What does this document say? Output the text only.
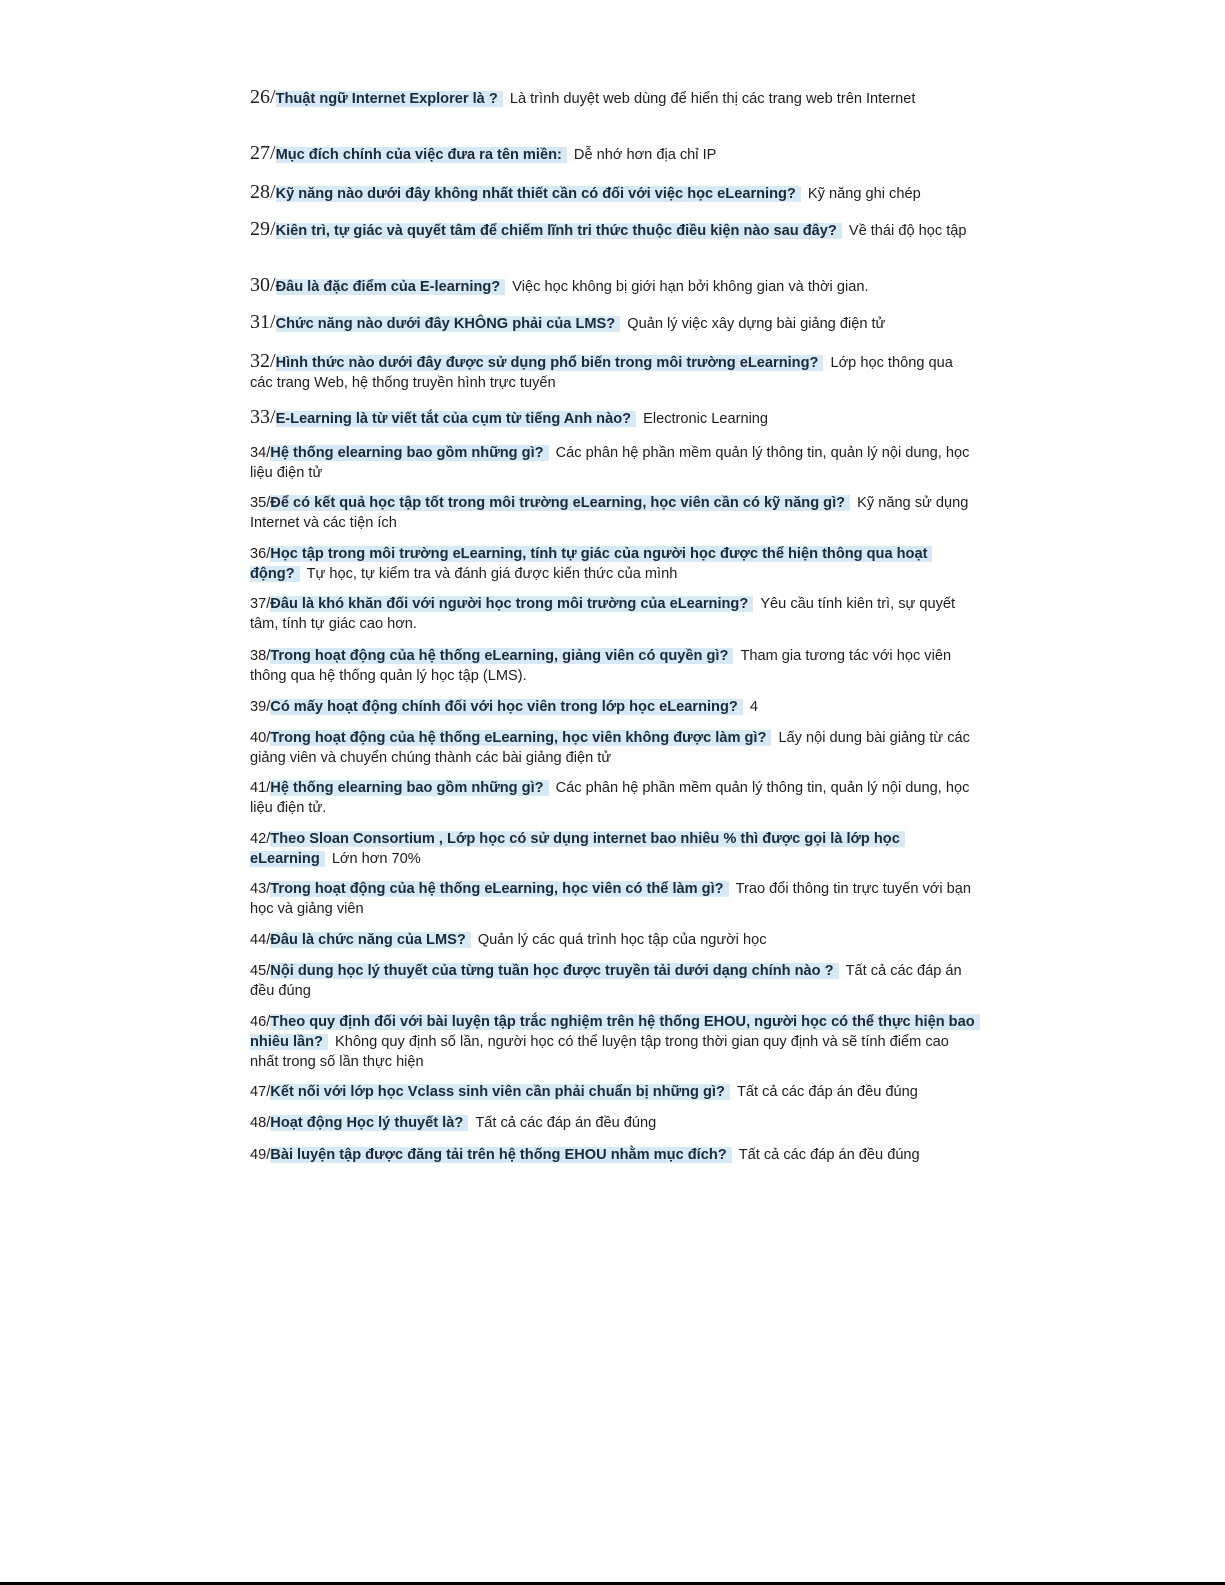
26/Thuật ngữ Internet Explorer là ? Là trình duyệt web dùng để hiển thị các trang web trên Internet

27/Mục đích chính của việc đưa ra tên miền: Dễ nhớ hơn địa chỉ IP

28/Kỹ năng nào dưới đây không nhất thiết cần có đối với việc học eLearning? Kỹ năng ghi chép

29/Kiên trì, tự giác và quyết tâm để chiếm lĩnh tri thức thuộc điều kiện nào sau đây? Về thái độ học tập

30/Đâu là đặc điểm của E-learning? Việc học không bị giới hạn bởi không gian và thời gian.

31/Chức năng nào dưới đây KHÔNG phải của LMS? Quản lý việc xây dựng bài giảng điện tử

32/Hình thức nào dưới đây được sử dụng phổ biến trong môi trường eLearning? Lớp học thông qua các trang Web, hệ thống truyền hình trực tuyến

33/E-Learning là từ viết tắt của cụm từ tiếng Anh nào? Electronic Learning

34/Hệ thống elearning bao gồm những gì? Các phân hệ phần mềm quản lý thông tin, quản lý nội dung, học liệu điện tử

35/Để có kết quả học tập tốt trong môi trường eLearning, học viên cần có kỹ năng gì? Kỹ năng sử dụng Internet và các tiện ích

36/Học tập trong môi trường eLearning, tính tự giác của người học được thể hiện thông qua hoạt động? Tự học, tự kiểm tra và đánh giá được kiến thức của mình

37/Đâu là khó khăn đối với người học trong môi trường của eLearning? Yêu cầu tính kiên trì, sự quyết tâm, tính tự giác cao hơn.

38/Trong hoạt động của hệ thống eLearning, giảng viên có quyền gì? Tham gia tương tác với học viên thông qua hệ thống quản lý học tập (LMS).

39/Có mấy hoạt động chính đối với học viên trong lớp học eLearning? 4

40/Trong hoạt động của hệ thống eLearning, học viên không được làm gì? Lấy nội dung bài giảng từ các giảng viên và chuyển chúng thành các bài giảng điện tử

41/Hệ thống elearning bao gồm những gì? Các phân hệ phần mềm quản lý thông tin, quản lý nội dung, học liệu điện tử.

42/Theo Sloan Consortium , Lớp học có sử dụng internet bao nhiêu % thì được gọi là lớp học eLearning Lớn hơn 70%

43/Trong hoạt động của hệ thống eLearning, học viên có thể làm gì? Trao đổi thông tin trực tuyến với bạn học và giảng viên

44/Đâu là chức năng của LMS? Quản lý các quá trình học tập của người học

45/Nội dung học lý thuyết của từng tuần học được truyền tải dưới dạng chính nào ? Tất cả các đáp án đều đúng

46/Theo quy định đối với bài luyện tập trắc nghiệm trên hệ thống EHOU, người học có thể thực hiện bao nhiêu lần? Không quy định số lần, người học có thể luyện tập trong thời gian quy định và sẽ tính điểm cao nhất trong số lần thực hiện

47/Kết nối với lớp học Vclass sinh viên cần phải chuẩn bị những gì? Tất cả các đáp án đều đúng

48/Hoạt động Học lý thuyết là? Tất cả các đáp án đều đúng

49/Bài luyện tập được đăng tải trên hệ thống EHOU nhằm mục đích? Tất cả các đáp án đều đúng
